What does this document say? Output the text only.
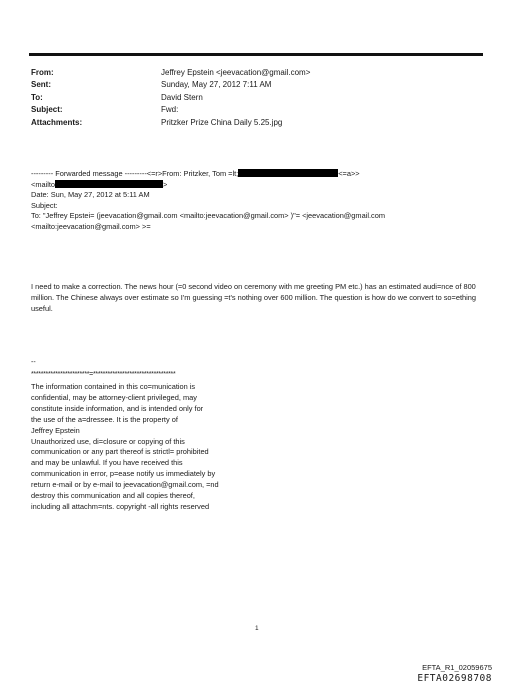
From:	Jeffrey Epstein <jeevacation@gmail.com>
Sent:	Sunday, May 27, 2012 7:11 AM
To:	David Stern
Subject:	Fwd:
Attachments:	Pritzker Prize China Daily 5.25.jpg
--------- Forwarded message ---------<=r>From: Pritzker, Tom =lt;	<=a>>
<mailto	>
Date: Sun, May 27, 2012 at 5:11 AM
Subject:
To: "Jeffrey Epstei= (jeevacation@gmail.com <mailto:jeevacation@gmail.com> )"= <jeevacation@gmail.com
<mailto:jeevacation@gmail.com> >=
I need to make a correction. The news hour (=0 second video on ceremony with me greeting PM etc.) has an estimated audi=nce of 800 million. The Chinese always over estimate so I'm guessing =t's nothing over 600 million. The question is how do we convert to so=ething useful.
--
************************=**********************************
The information contained in this co=munication is
confidential, may be attorney-client privileged, may
constitute inside information, and is intended only for
the use of the a=dressee. It is the property of
Jeffrey Epstein
Unauthorized use, di=closure or copying of this
communication or any part thereof is strictl= prohibited
and may be unlawful. If you have received this
communication in error, p=ease notify us immediately by
return e-mail or by e-mail to jeevacation@gmail.com, =nd
destroy this communication and all copies thereof,
including all attachm=nts. copyright -all rights reserved
1
EFTA_R1_02059675
EFTA02698708
